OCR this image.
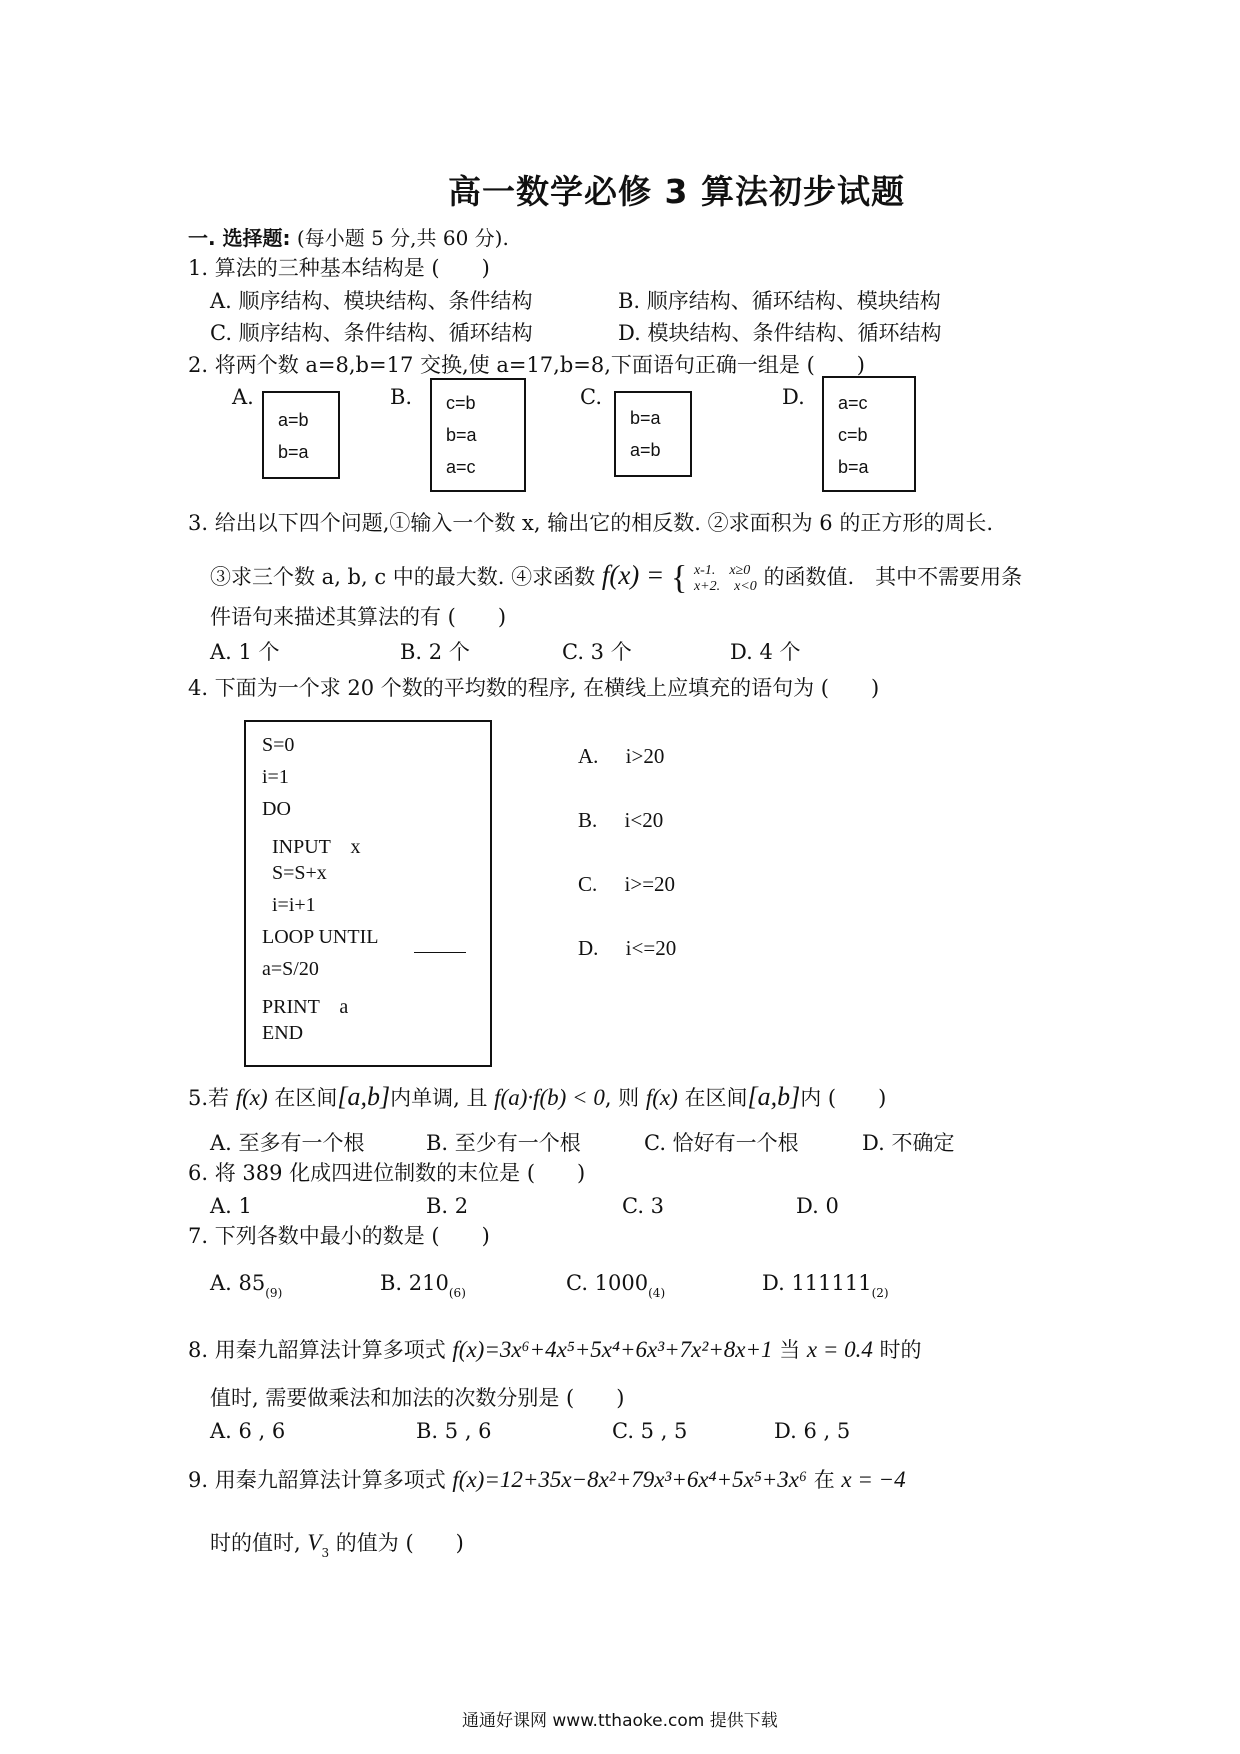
高一数学必修 3 算法初步试题
一. 选择题: (每小题 5 分,共 60 分).
1. 算法的三种基本结构是 (　　)
A. 顺序结构、模块结构、条件结构	B. 顺序结构、循环结构、模块结构
C. 顺序结构、条件结构、循环结构	D. 模块结构、条件结构、循环结构
2. 将两个数 a=8,b=17 交换,使 a=17,b=8,下面语句正确一组是 (　　)
A.
a=b
b=a
B. c=b
b=a
a=c
C.
b=a
a=b
D. a=c
c=b
b=a
3. 给出以下四个问题,①输入一个数 x, 输出它的相反数. ②求面积为 6 的正方形的周长.
③求三个数 a, b, c 中的最大数. ④求函数 f(x) = { x-1.　x≥0
x+2.　x<0 的函数值.　其中不需要用条
件语句来描述其算法的有 (　　)
A. 1 个	B. 2 个	C. 3 个	D. 4 个
4. 下面为一个求 20 个数的平均数的程序, 在横线上应填充的语句为 (　　)
S=0
i=1
DO
INPUT　x
S=S+x
i=i+1
LOOP UNTIL
a=S/20
PRINT　a
END
A. i>20
B. i<20
C. i>=20
D. i<=20
5.若 f(x) 在区间[a,b]内单调, 且 f(a)·f(b) < 0, 则 f(x) 在区间[a,b]内 (　　)
A. 至多有一个根	B. 至少有一个根	C. 恰好有一个根	D. 不确定
6. 将 389 化成四进位制数的末位是 (　　)
A. 1	B. 2	C. 3	D. 0
7. 下列各数中最小的数是 (　　)
A. $85_{(9)}$	B. $210_{(6)}$	C. $1000_{(4)}$	D. $111111_{(2)}$
8. 用秦九韶算法计算多项式 f(x)=3x⁶+4x⁵+5x⁴+6x³+7x²+8x+1 当 x = 0.4 时的
值时, 需要做乘法和加法的次数分别是 (　　)
A. 6 , 6	B. 5 , 6	C. 5 , 5	D. 6 , 5
9. 用秦九韶算法计算多项式 f(x)=12+35x−8x²+79x³+6x⁴+5x⁵+3x⁶ 在 x = −4
时的值时, $V_3$ 的值为 (　　)
通通好课网 www.tthaoke.com 提供下载
